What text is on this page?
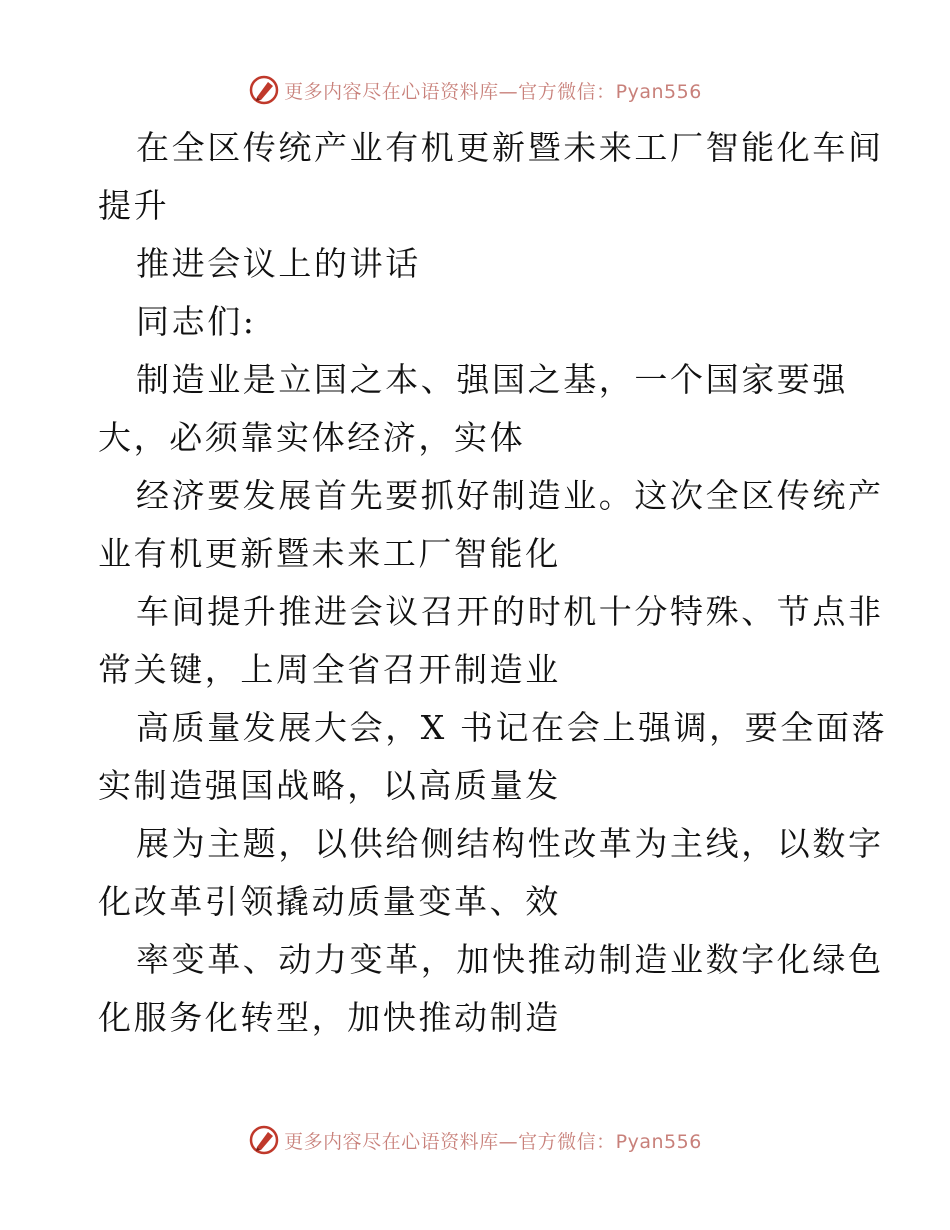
更多内容尽在心语资料库—官方微信：Pyan556
在全区传统产业有机更新暨未来工厂智能化车间
提升
推进会议上的讲话
同志们:
制造业是立国之本、强国之基，一个国家要强
大，必须靠实体经济，实体
经济要发展首先要抓好制造业。这次全区传统产
业有机更新暨未来工厂智能化
车间提升推进会议召开的时机十分特殊、节点非
常关键，上周全省召开制造业
高质量发展大会，X 书记在会上强调，要全面落
实制造强国战略，以高质量发
展为主题，以供给侧结构性改革为主线，以数字
化改革引领撬动质量变革、效
率变革、动力变革，加快推动制造业数字化绿色
化服务化转型，加快推动制造
更多内容尽在心语资料库—官方微信：Pyan556
